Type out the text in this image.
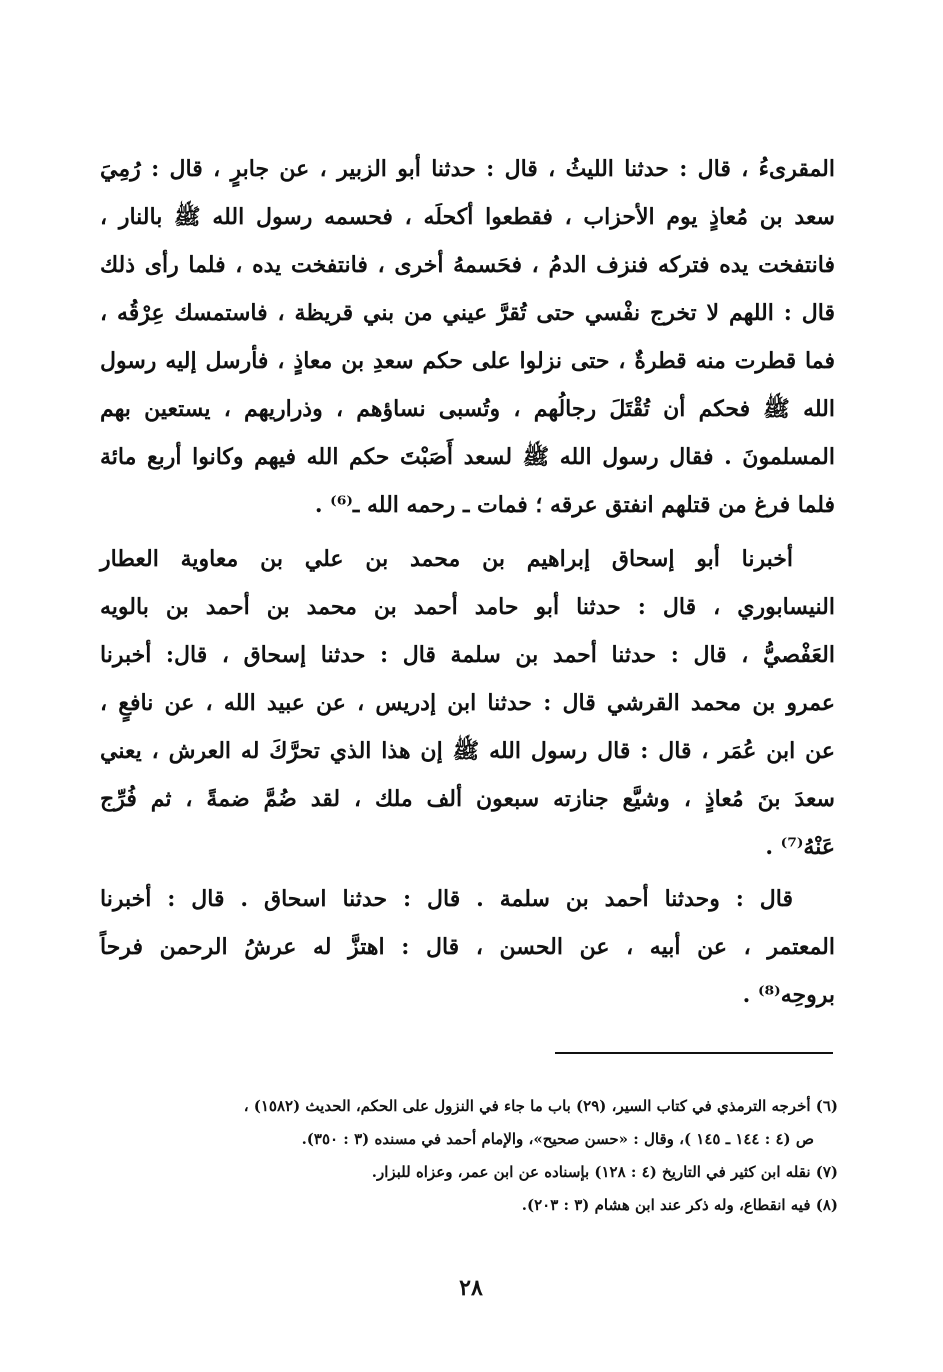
المقرىءُ ، قال : حدثنا الليثُ ، قال : حدثنا أبو الزبير ، عن جابرٍ ، قال : رُمِيَ
سعد بن مُعاذٍ يوم الأحزاب ، فقطعوا أكحلَه ، فحسمه رسول الله ﷺ بالنار ،
فانتفخت يده فتركه فنزف الدمُ ، فحَسمهُ أخرى ، فانتفخت يده ، فلما رأى ذلك
قال : اللهم لا تخرج نفْسي حتى تُقرَّ عيني من بني قريظة ، فاستمسك عِرْقُه ،
فما قطرت منه قطرةٌ ، حتى نزلوا على حكم سعدِ بن معاذٍ ، فأرسل إليه رسول
الله ﷺ فحكم أن تُقْتَلَ رجالُهم ، وتُسبى نساؤهم ، وذراريهم ، يستعين بهم
المسلمونَ . فقال رسول الله ﷺ لسعد أَصَبْتَ حكم الله فيهم وكانوا أربع مائة
فلما فرغ من قتلهم انفتق عرقه ؛ فمات ـ رحمه الله ـ⁽⁶⁾ .
أخبرنا أبو إسحاق إبراهيم بن محمد بن علي بن معاوية العطار
النيسابوري ، قال : حدثنا أبو حامد أحمد بن محمد بن أحمد بن بالويه
العَفْصيُّ ، قال : حدثنا أحمد بن سلمة قال : حدثنا إسحاق ، قال: أخبرنا
عمرو بن محمد القرشي قال : حدثنا ابن إدريس ، عن عبيد الله ، عن نافعٍ ،
عن ابن عُمَر ، قال : قال رسول الله ﷺ إن هذا الذي تحرَّكَ له العرش ، يعني
سعدَ بنَ مُعاذٍ ، وشيَّع جنازته سبعون ألف ملك ، لقد ضُمَّ ضمةً ، ثم فُرِّج
عَنْهُ⁽⁷⁾ .
قال : وحدثنا أحمد بن سلمة . قال : حدثنا اسحاق . قال : أخبرنا
المعتمر ، عن أبيه ، عن الحسن ، قال : اهتزَّ له عرشُ الرحمن فرحاً
بروحِه⁽⁸⁾ .
(٦) أخرجه الترمذي في كتاب السير، (٢٩) باب ما جاء في النزول على الحكم، الحديث (١٥٨٢) ،
ص (٤ : ١٤٤ ـ ١٤٥ )، وقال : «حسن صحيح»، والإمام أحمد في مسنده (٣ : ٣٥٠).
(٧) نقله ابن كثير في التاريخ (٤ : ١٢٨) بإسناده عن ابن عمر، وعزاه للبزار.
(٨) فيه انقطاع، وله ذكر عند ابن هشام (٣ : ٢٠٣).
٢٨
